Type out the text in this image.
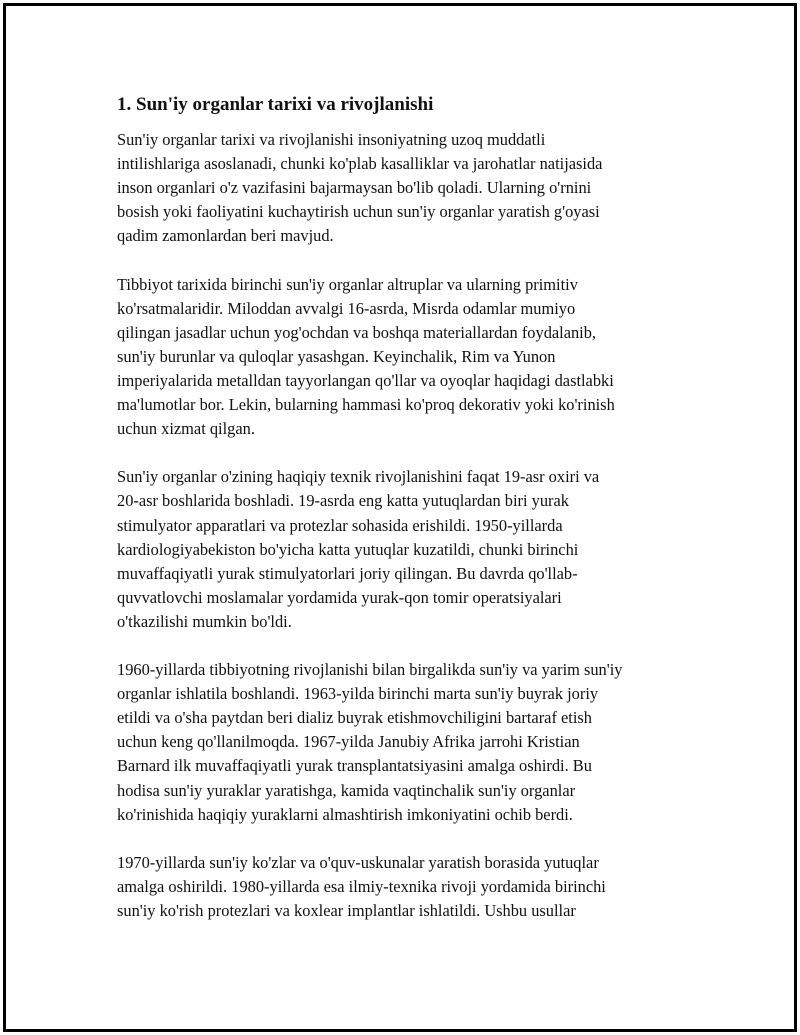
1. Sun'iy organlar tarixi va rivojlanishi

Sun'iy organlar tarixi va rivojlanishi insoniyatning uzoq muddatli
intilishlariga asoslanadi, chunki ko'plab kasalliklar va jarohatlar natijasida
inson organlari o'z vazifasini bajarmaysan bo'lib qoladi. Ularning o'rnini
bosish yoki faoliyatini kuchaytirish uchun sun'iy organlar yaratish g'oyasi
qadim zamonlardan beri mavjud.

Tibbiyot tarixida birinchi sun'iy organlar altruplar va ularning primitiv
ko'rsatmalaridir. Miloddan avvalgi 16-asrda, Misrda odamlar mumiyo
qilingan jasadlar uchun yog'ochdan va boshqa materiallardan foydalanib,
sun'iy burunlar va quloqlar yasashgan. Keyinchalik, Rim va Yunon
imperiyalarida metalldan tayyorlangan qo'llar va oyoqlar haqidagi dastlabki
ma'lumotlar bor. Lekin, bularning hammasi ko'proq dekorativ yoki ko'rinish
uchun xizmat qilgan.

Sun'iy organlar o'zining haqiqiy texnik rivojlanishini faqat 19-asr oxiri va
20-asr boshlarida boshladi. 19-asrda eng katta yutuqlardan biri yurak
stimulyator apparatlari va protezlar sohasida erishildi. 1950-yillarda
kardiologiyabekiston bo'yicha katta yutuqlar kuzatildi, chunki birinchi
muvaffaqiyatli yurak stimulyatorlari joriy qilingan. Bu davrda qo'llab-
quvvatlovchi moslamalar yordamida yurak-qon tomir operatsiyalari
o'tkazilishi mumkin bo'ldi.

1960-yillarda tibbiyotning rivojlanishi bilan birgalikda sun'iy va yarim sun'iy
organlar ishlatila boshlandi. 1963-yilda birinchi marta sun'iy buyrak joriy
etildi va o'sha paytdan beri dializ buyrak etishmovchiligini bartaraf etish
uchun keng qo'llanilmoqda. 1967-yilda Janubiy Afrika jarrohi Kristian
Barnard ilk muvaffaqiyatli yurak transplantatsiyasini amalga oshirdi. Bu
hodisa sun'iy yuraklar yaratishga, kamida vaqtinchalik sun'iy organlar
ko'rinishida haqiqiy yuraklarni almashtirish imkoniyatini ochib berdi.

1970-yillarda sun'iy ko'zlar va o'quv-uskunalar yaratish borasida yutuqlar
amalga oshirildi. 1980-yillarda esa ilmiy-texnika rivoji yordamida birinchi
sun'iy ko'rish protezlari va koxlear implantlar ishlatildi. Ushbu usullar
